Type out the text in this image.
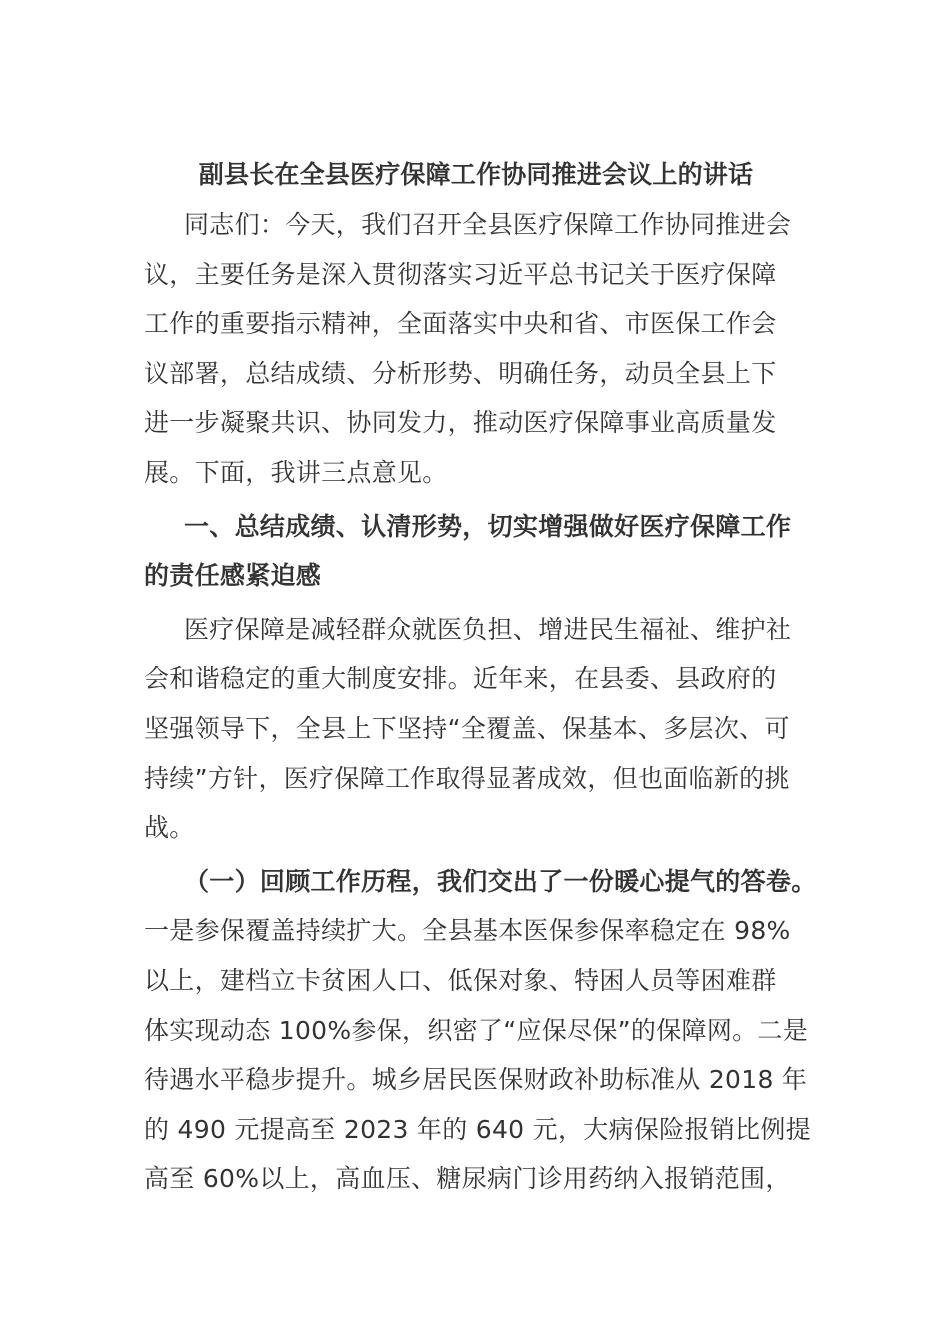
副县长在全县医疗保障工作协同推进会议上的讲话
同志们：今天，我们召开全县医疗保障工作协同推进会
议，主要任务是深入贯彻落实习近平总书记关于医疗保障
工作的重要指示精神，全面落实中央和省、市医保工作会
议部署，总结成绩、分析形势、明确任务，动员全县上下
进一步凝聚共识、协同发力，推动医疗保障事业高质量发
展。下面，我讲三点意见。
一、总结成绩、认清形势，切实增强做好医疗保障工作
的责任感紧迫感
医疗保障是减轻群众就医负担、增进民生福祉、维护社
会和谐稳定的重大制度安排。近年来，在县委、县政府的
坚强领导下，全县上下坚持“全覆盖、保基本、多层次、可
持续”方针，医疗保障工作取得显著成效，但也面临新的挑
战。
（一）回顾工作历程，我们交出了一份暖心提气的答卷。
一是参保覆盖持续扩大。全县基本医保参保率稳定在 98%
以上，建档立卡贫困人口、低保对象、特困人员等困难群
体实现动态 100%参保，织密了“应保尽保”的保障网。二是
待遇水平稳步提升。城乡居民医保财政补助标准从 2018 年
的 490 元提高至 2023 年的 640 元，大病保险报销比例提
高至 60%以上，高血压、糖尿病门诊用药纳入报销范围，
